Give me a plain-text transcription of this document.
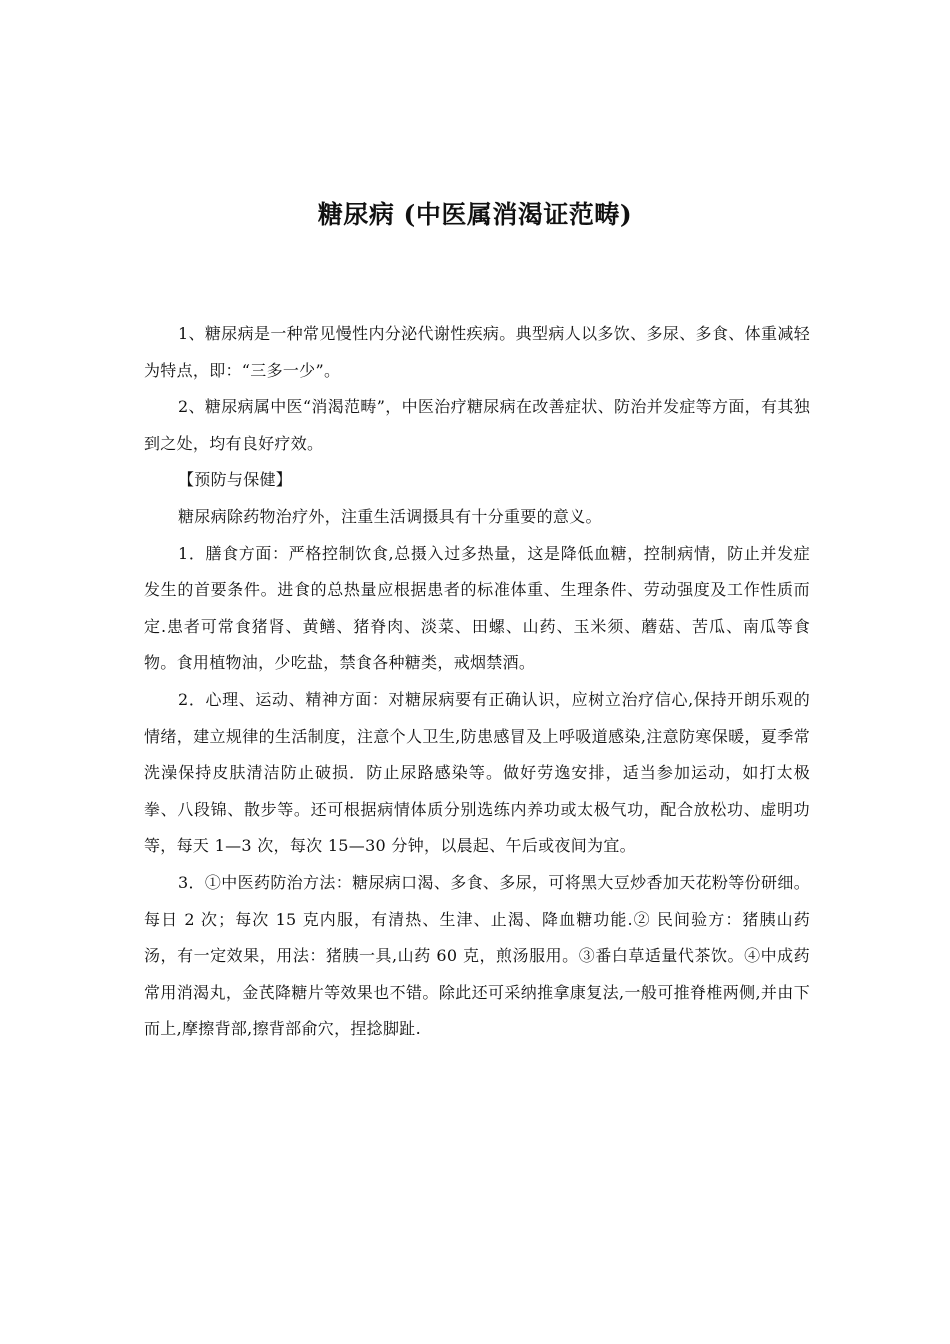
糖尿病 (中医属消渴证范畴)

1、糖尿病是一种常见慢性内分泌代谢性疾病。典型病人以多饮、多尿、多食、体重减轻为特点，即：“三多一少”。

2、糖尿病属中医“消渴范畴”，中医治疗糖尿病在改善症状、防治并发症等方面，有其独到之处，均有良好疗效。

【预防与保健】

糖尿病除药物治疗外，注重生活调摄具有十分重要的意义。

1．膳食方面：严格控制饮食,总摄入过多热量，这是降低血糖，控制病情，防止并发症发生的首要条件。进食的总热量应根据患者的标准体重、生理条件、劳动强度及工作性质而定.患者可常食猪肾、黄鳝、猪脊肉、淡菜、田螺、山药、玉米须、蘑菇、苦瓜、南瓜等食物。食用植物油，少吃盐，禁食各种糖类，戒烟禁酒。

2．心理、运动、精神方面：对糖尿病要有正确认识，应树立治疗信心,保持开朗乐观的情绪，建立规律的生活制度，注意个人卫生,防患感冒及上呼吸道感染,注意防寒保暖，夏季常洗澡保持皮肤清洁防止破损．防止尿路感染等。做好劳逸安排，适当参加运动，如打太极拳、八段锦、散步等。还可根据病情体质分别选练内养功或太极气功，配合放松功、虚明功等，每天 1—3 次，每次 15—30 分钟，以晨起、午后或夜间为宜。

3．①中医药防治方法：糖尿病口渴、多食、多尿，可将黑大豆炒香加天花粉等份研细。每日 2 次；每次 15 克内服，有清热、生津、止渴、降血糖功能.② 民间验方：猪胰山药汤，有一定效果，用法：猪胰一具,山药 60 克，煎汤服用。③番白草适量代茶饮。④中成药常用消渴丸，金芪降糖片等效果也不错。除此还可采纳推拿康复法,一般可推脊椎两侧,并由下而上,摩擦背部,擦背部俞穴，捏捻脚趾.
